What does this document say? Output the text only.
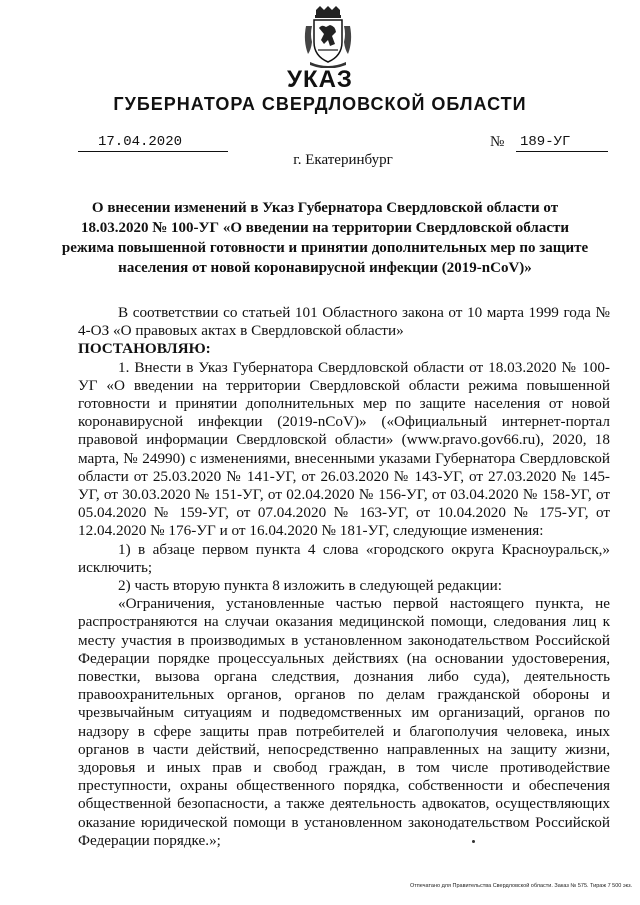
УКАЗ
ГУБЕРНАТОРА СВЕРДЛОВСКОЙ ОБЛАСТИ
17.04.2020	№ 189-УГ
г. Екатеринбург
О внесении изменений в Указ Губернатора Свердловской области от 18.03.2020 № 100-УГ «О введении на территории Свердловской области режима повышенной готовности и принятии дополнительных мер по защите населения от новой коронавирусной инфекции (2019-nCoV)»

В соответствии со статьей 101 Областного закона от 10 марта 1999 года № 4-ОЗ «О правовых актах в Свердловской области»

ПОСТАНОВЛЯЮ:

1. Внести в Указ Губернатора Свердловской области от 18.03.2020 № 100-УГ «О введении на территории Свердловской области режима повышенной готовности и принятии дополнительных мер по защите населения от новой коронавирусной инфекции (2019-nCoV)» («Официальный интернет-портал правовой информации Свердловской области» (www.pravo.gov66.ru), 2020, 18 марта, № 24990) с изменениями, внесенными указами Губернатора Свердловской области от 25.03.2020 № 141-УГ, от 26.03.2020 № 143-УГ, от 27.03.2020 № 145-УГ, от 30.03.2020 № 151-УГ, от 02.04.2020 № 156-УГ, от 03.04.2020 № 158-УГ, от 05.04.2020 № 159-УГ, от 07.04.2020 № 163-УГ, от 10.04.2020 № 175-УГ, от 12.04.2020 № 176-УГ и от 16.04.2020 № 181-УГ, следующие изменения:

1) в абзаце первом пункта 4 слова «городского округа Красноуральск,» исключить;

2) часть вторую пункта 8 изложить в следующей редакции:

«Ограничения, установленные частью первой настоящего пункта, не распространяются на случаи оказания медицинской помощи, следования лиц к месту участия в производимых в установленном законодательством Российской Федерации порядке процессуальных действиях (на основании удостоверения, повестки, вызова органа следствия, дознания либо суда), деятельность правоохранительных органов, органов по делам гражданской обороны и чрезвычайным ситуациям и подведомственных им организаций, органов по надзору в сфере защиты прав потребителей и благополучия человека, иных органов в части действий, непосредственно направленных на защиту жизни, здоровья и иных прав и свобод граждан, в том числе противодействие преступности, охраны общественного порядка, собственности и обеспечения общественной безопасности, а также деятельность адвокатов, осуществляющих оказание юридической помощи в установленном законодательством Российской Федерации порядке.»;

Отпечатано для Правительства Свердловской области. Заказ № 575. Тираж 7 500 экз.
